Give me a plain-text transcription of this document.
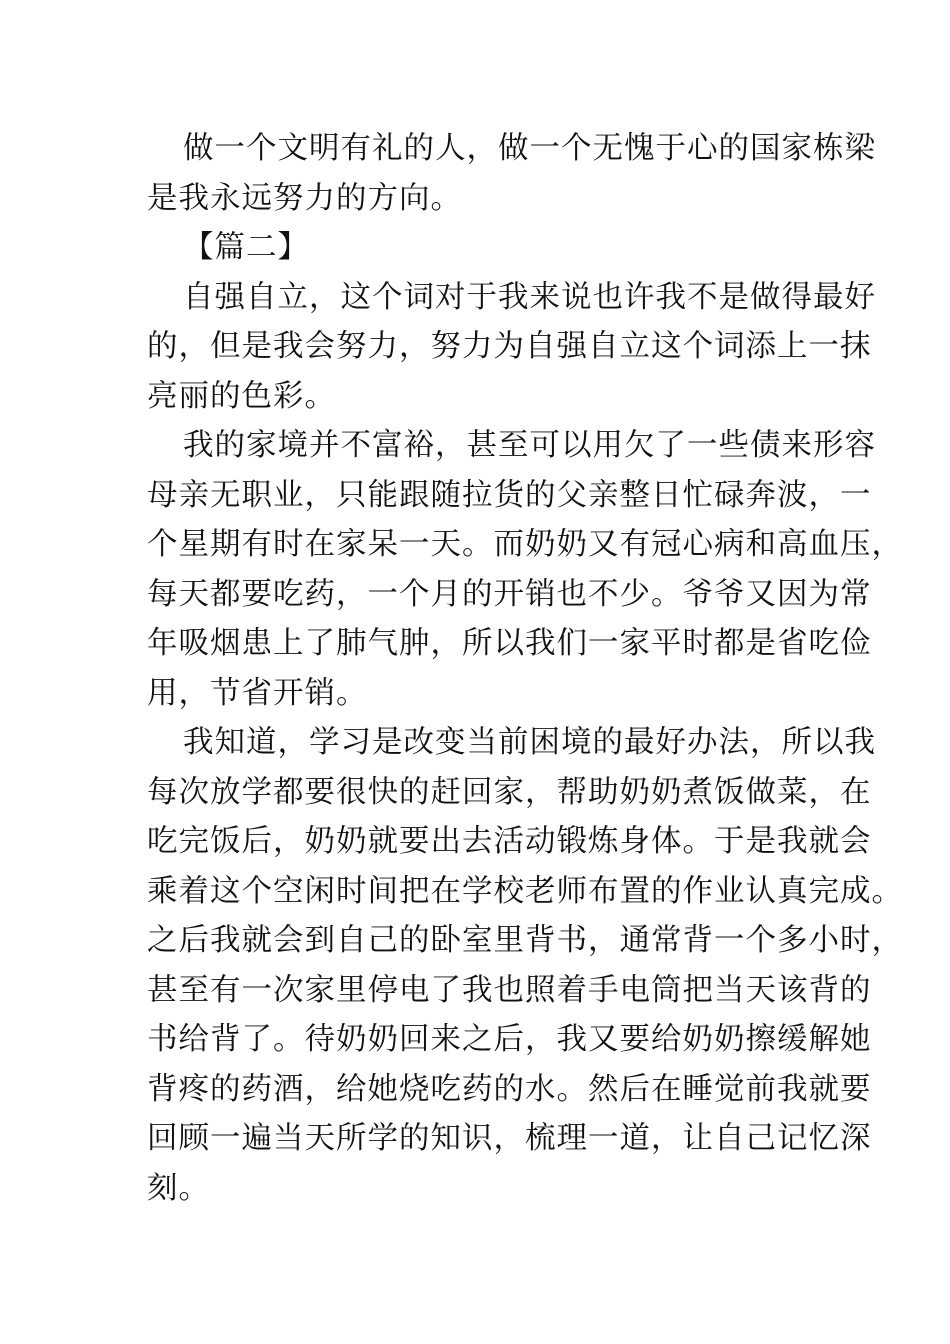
做一个文明有礼的人，做一个无愧于心的国家栋梁
是我永远努力的方向。
【篇二】
自强自立，这个词对于我来说也许我不是做得最好
的，但是我会努力，努力为自强自立这个词添上一抹
亮丽的色彩。
我的家境并不富裕，甚至可以用欠了一些债来形容
母亲无职业，只能跟随拉货的父亲整日忙碌奔波，一
个星期有时在家呆一天。而奶奶又有冠心病和高血压，
每天都要吃药，一个月的开销也不少。爷爷又因为常
年吸烟患上了肺气肿，所以我们一家平时都是省吃俭
用，节省开销。
我知道，学习是改变当前困境的最好办法，所以我
每次放学都要很快的赶回家，帮助奶奶煮饭做菜，在
吃完饭后，奶奶就要出去活动锻炼身体。于是我就会
乘着这个空闲时间把在学校老师布置的作业认真完成。
之后我就会到自己的卧室里背书，通常背一个多小时，
甚至有一次家里停电了我也照着手电筒把当天该背的
书给背了。待奶奶回来之后，我又要给奶奶擦缓解她
背疼的药酒，给她烧吃药的水。然后在睡觉前我就要
回顾一遍当天所学的知识，梳理一道，让自己记忆深
刻。
